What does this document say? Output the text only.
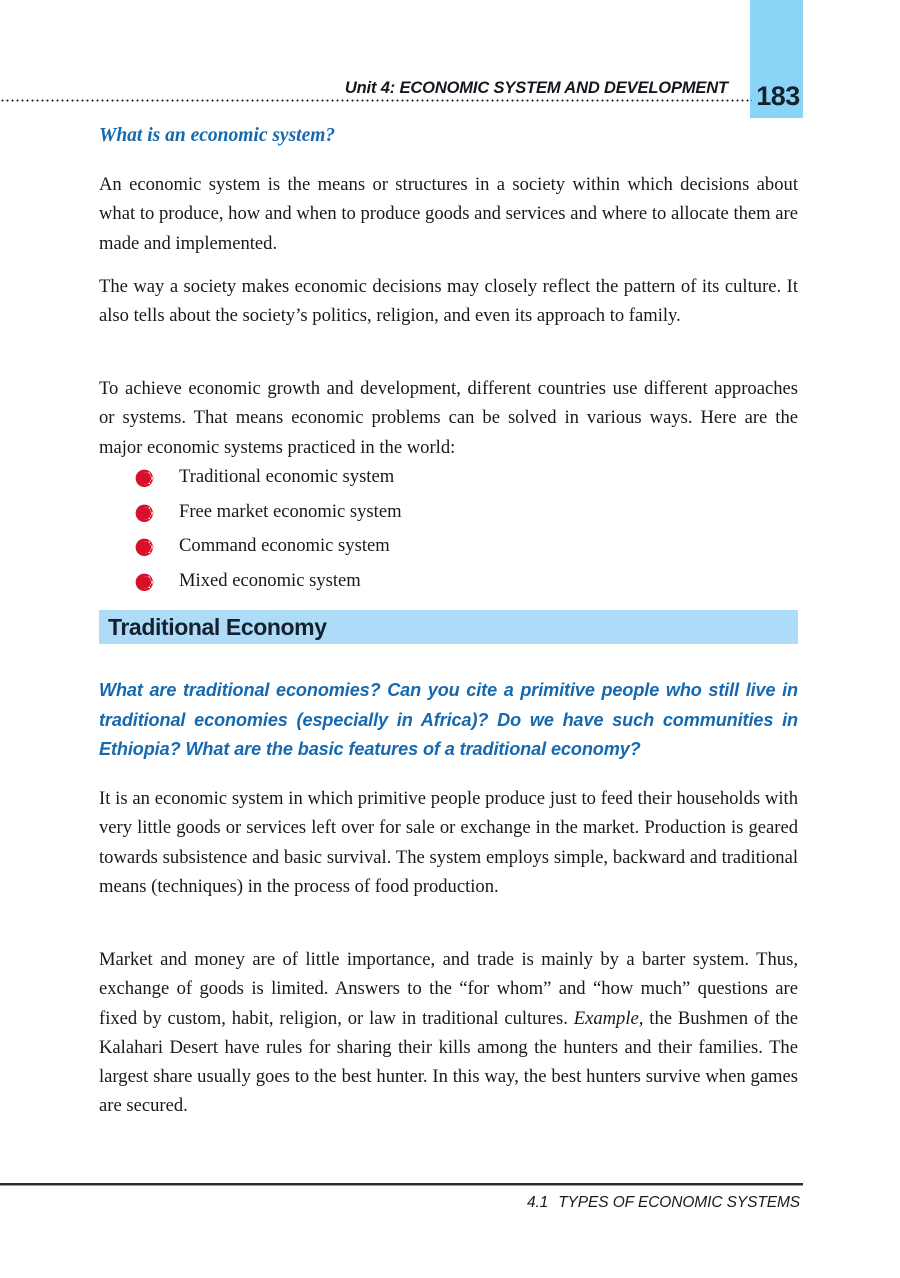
Unit 4: ECONOMIC SYSTEM AND DEVELOPMENT 183
What is an economic system?

An economic system is the means or structures in a society within which decisions about what to produce, how and when to produce goods and services and where to allocate them are made and implemented.

The way a society makes economic decisions may closely reflect the pattern of its culture. It also tells about the society’s politics, religion, and even its approach to family.

To achieve economic growth and development, different countries use different approaches or systems. That means economic problems can be solved in various ways. Here are the major economic systems practiced in the world:

Traditional economic system
Free market economic system
Command economic system
Mixed economic system
Traditional Economy

What are traditional economies? Can you cite a primitive people who still live in traditional economies (especially in Africa)? Do we have such communities in Ethiopia? What are the basic features of a traditional economy?

It is an economic system in which primitive people produce just to feed their households with very little goods or services left over for sale or exchange in the market. Production is geared towards subsistence and basic survival. The system employs simple, backward and traditional means (techniques) in the process of food production.

Market and money are of little importance, and trade is mainly by a barter system. Thus, exchange of goods is limited. Answers to the “for whom” and “how much” questions are fixed by custom, habit, religion, or law in traditional cultures. Example, the Bushmen of the Kalahari Desert have rules for sharing their kills among the hunters and their families. The largest share usually goes to the best hunter. In this way, the best hunters survive when games are secured.

4.1 TYPES OF ECONOMIC SYSTEMS
